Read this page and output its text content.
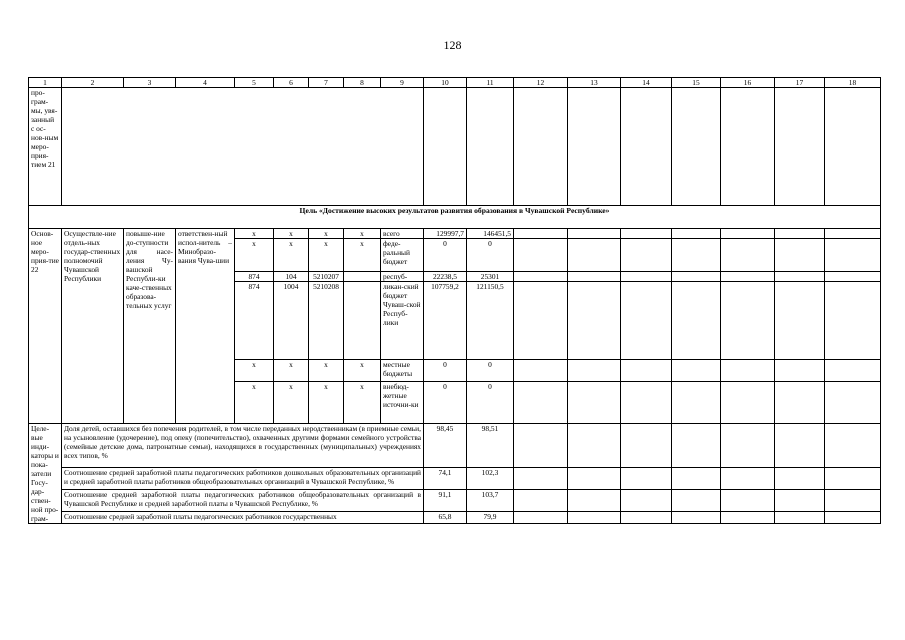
128
1	2	3	4	5	6	7	8	9	10	11	12	13	14	15	16	17	18
про-грам-мы, увя-занный с ос-нов-ным меро-прия-тием 21																	
Цель «Достижение высоких результатов развития образования в Чувашской Республике»																	
Основ-ное меро-прия-тие 22	Осуществле-ние отдель-ных государ-ственных полномочий Чувашской Республики	повыше-ние до-ступности для насе-ления Чу-вашской Республи-ки каче-ственных образова-тельных услуг	ответствен-ный испол-нитель – Минобразо-вания Чува-шии	x	x	x	x	всего	129997,7	146451,5							
				x	x	x	x	феде-ральный бюджет	0	0							
				874	104	5210207		респуб-	22238,5	25301							
				874	1004	5210208		ликан-ский бюджет Чуваш-ской Респуб-лики	107759,2	121150,5							
				x	x	x	x	местные бюджеты	0	0							
				x	x	x	x	внебюд-жетные источни-ки	0	0							
Целе-вые инди-каторы и пока-затели Госу-дар-ствен-ной про-грам-	Доля детей, оставшихся без попечения родителей, в том числе переданных неродственникам (в приемные семьи, на усыновление (удочерение), под опеку (попечительство), охваченных другими формами семейного устройства (семейные детские дома, патронатные семьи), находящихся в государственных (муниципальных) учреждениях всех типов, %								98,45	98,51							
	Соотношение средней заработной платы педагогических работников дошкольных образовательных организаций и средней заработной платы работников общеобразовательных организаций в Чувашской Республике, %								74,1	102,3							
	Соотношение средней заработной платы педагогических работников общеобразовательных организаций в Чувашской Республике и средней заработной платы в Чувашской Республике, %								91,1	103,7							
	Соотношение средней заработной платы педагогических работников государственных								65,8	79,9							
